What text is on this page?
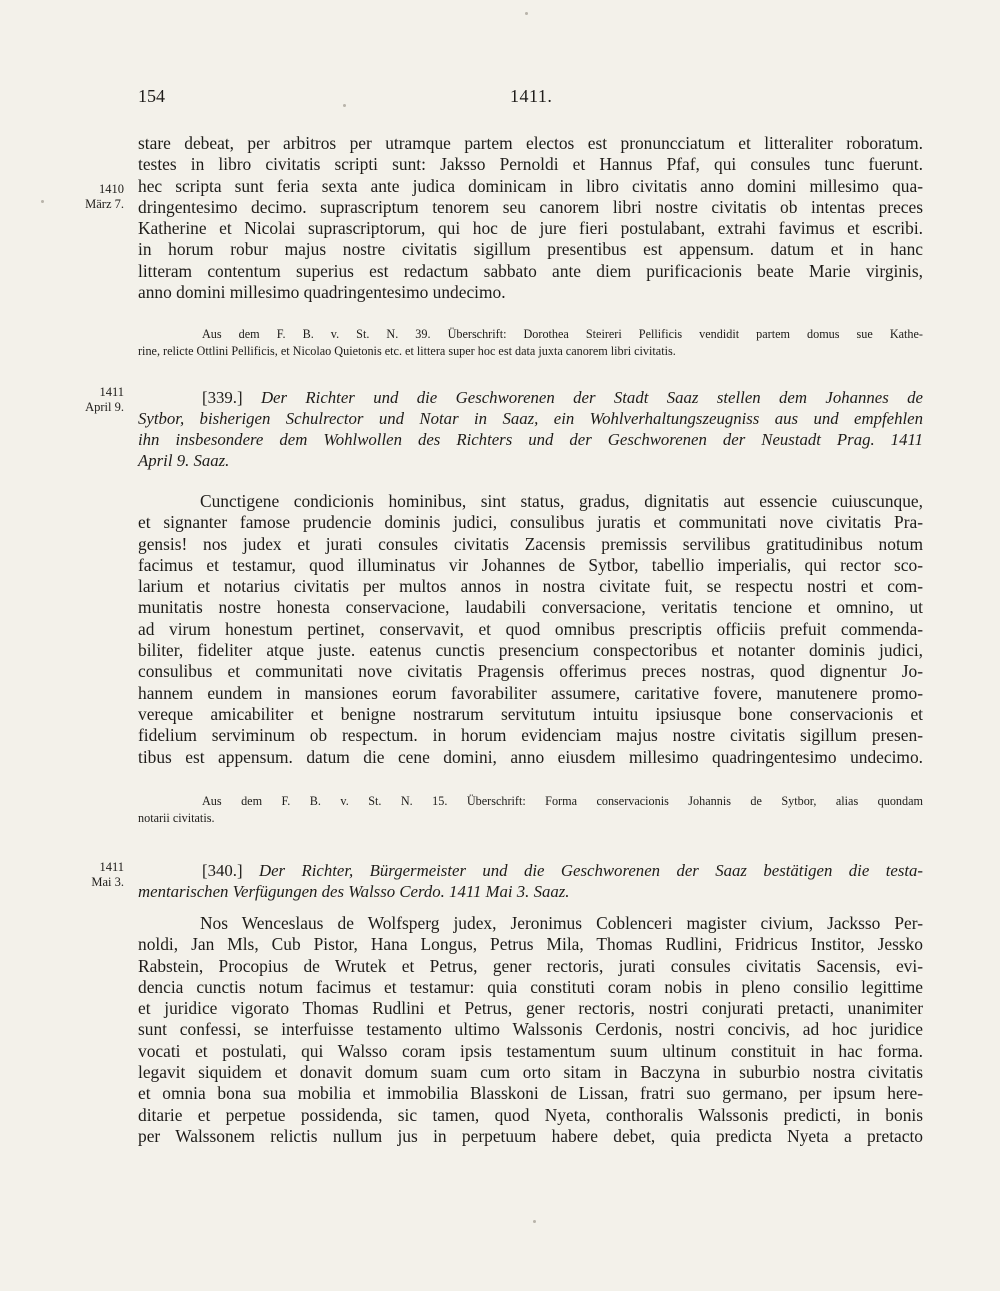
154	1411.
stare debeat, per arbitros per utramque partem electos est pronuncciatum et litteraliter roboratum.
testes in libro civitatis scripti sunt: Jaksso Pernoldi et Hannus Pfaf, qui consules tunc fuerunt.
hec scripta sunt feria sexta ante judica dominicam in libro civitatis anno domini millesimo qua-
dringentesimo decimo. suprascriptum tenorem seu canorem libri nostre civitatis ob intentas preces
Katherine et Nicolai suprascriptorum, qui hoc de jure fieri postulabant, extrahi favimus et escribi.
in horum robur majus nostre civitatis sigillum presentibus est appensum. datum et in hanc
litteram contentum superius est redactum sabbato ante diem purificacionis beate Marie virginis,
anno domini millesimo quadringentesimo undecimo.
1410
März 7.
Aus dem F. B. v. St. N. 39. Überschrift: Dorothea Steireri Pellificis vendidit partem domus sue Kathe-
rine, relicte Ottlini Pellificis, et Nicolao Quietonis etc. et littera super hoc est data juxta canorem libri civitatis.
1411
April 9.	[339.] Der Richter und die Geschworenen der Stadt Saaz stellen dem Johannes de
Sytbor, bisherigen Schulrector und Notar in Saaz, ein Wohlverhaltungszeugniss aus und empfehlen
ihn insbesondere dem Wohlwollen des Richters und der Geschworenen der Neustadt Prag. 1411
April 9. Saaz.
Cunctigene condicionis hominibus, sint status, gradus, dignitatis aut essencie cuiuscunque,
et signanter famose prudencie dominis judici, consulibus juratis et communitati nove civitatis Pra-
gensis! nos judex et jurati consules civitatis Zacensis premissis servilibus gratitudinibus notum
facimus et testamur, quod illuminatus vir Johannes de Sytbor, tabellio imperialis, qui rector sco-
larium et notarius civitatis per multos annos in nostra civitate fuit, se respectu nostri et com-
munitatis nostre honesta conservacione, laudabili conversacione, veritatis tencione et omnino, ut
ad virum honestum pertinet, conservavit, et quod omnibus prescriptis officiis prefuit commenda-
biliter, fideliter atque juste. eatenus cunctis presencium conspectoribus et notanter dominis judici,
consulibus et communitati nove civitatis Pragensis offerimus preces nostras, quod dignentur Jo-
hannem eundem in mansiones eorum favorabiliter assumere, caritative fovere, manutenere promo-
vereque amicabiliter et benigne nostrarum servitutum intuitu ipsiusque bone conservacionis et
fidelium serviminum ob respectum. in horum evidenciam majus nostre civitatis sigillum presen-
tibus est appensum. datum die cene domini, anno eiusdem millesimo quadringentesimo undecimo.
Aus dem F. B. v. St. N. 15. Überschrift: Forma conservacionis Johannis de Sytbor, alias quondam
notarii civitatis.
1411
Mai 3.
[340.] Der Richter, Bürgermeister und die Geschworenen der Saaz bestätigen die testa-
mentarischen Verfügungen des Walsso Cerdo. 1411 Mai 3. Saaz.
Nos Wenceslaus de Wolfsperg judex, Jeronimus Coblenceri magister civium, Jacksso Per-
noldi, Jan Mls, Cub Pistor, Hana Longus, Petrus Mila, Thomas Rudlini, Fridricus Institor, Jessko
Rabstein, Procopius de Wrutek et Petrus, gener rectoris, jurati consules civitatis Sacensis, evi-
dencia cunctis notum facimus et testamur: quia constituti coram nobis in pleno consilio legittime
et juridice vigorato Thomas Rudlini et Petrus, gener rectoris, nostri conjurati pretacti, unanimiter
sunt confessi, se interfuisse testamento ultimo Walssonis Cerdonis, nostri concivis, ad hoc juridice
vocati et postulati, qui Walsso coram ipsis testamentum suum ultinum constituit in hac forma.
legavit siquidem et donavit domum suam cum orto sitam in Baczyna in suburbio nostra civitatis
et omnia bona sua mobilia et immobilia Blasskoni de Lissan, fratri suo germano, per ipsum here-
ditarie et perpetue possidenda, sic tamen, quod Nyeta, conthoralis Walssonis predicti, in bonis
per Walssonem relictis nullum jus in perpetuum habere debet, quia predicta Nyeta a pretacto
